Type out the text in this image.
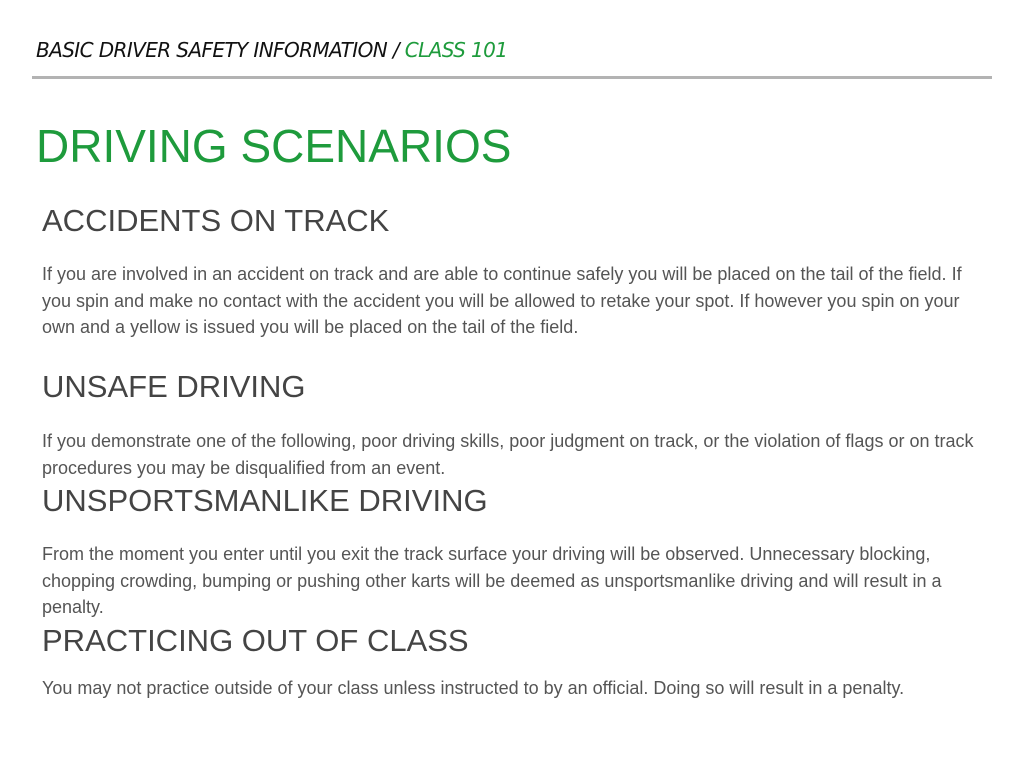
BASIC DRIVER SAFETY INFORMATION / CLASS 101
DRIVING SCENARIOS
ACCIDENTS ON TRACK

If you are involved in an accident on track and are able to continue safely you will be placed on the tail of the field. If you spin and make no contact with the accident you will be allowed to retake your spot. If however you spin on your own and a yellow is issued you will be placed on the tail of the field.

UNSAFE DRIVING

If you demonstrate one of the following, poor driving skills, poor judgment on track, or the violation of flags or on track procedures you may be disqualified from an event.

UNSPORTSMANLIKE DRIVING

From the moment you enter until you exit the track surface your driving will be observed. Unnecessary blocking, chopping crowding, bumping or pushing other karts will be deemed as unsportsmanlike driving and will result in a penalty.

PRACTICING OUT OF CLASS

You may not practice outside of your class unless instructed to by an official. Doing so will result in a penalty.
